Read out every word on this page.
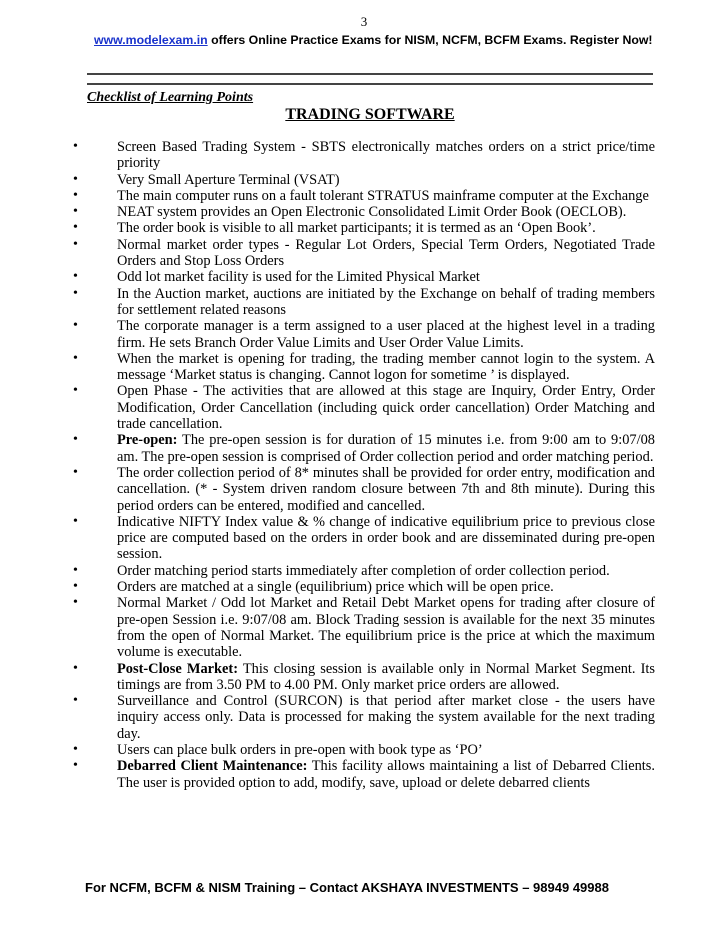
3
www.modelexam.in offers Online Practice Exams for NISM, NCFM, BCFM Exams. Register Now!
Checklist of Learning Points
TRADING SOFTWARE
•	Screen Based Trading System - SBTS electronically matches orders on a strict price/time priority
•	Very Small Aperture Terminal (VSAT)
•	The main computer runs on a fault tolerant STRATUS mainframe computer at the Exchange
•	NEAT system provides an Open Electronic Consolidated Limit Order Book (OECLOB).
•	The order book is visible to all market participants; it is termed as an ‘Open Book’.
•	Normal market order types - Regular Lot Orders, Special Term Orders, Negotiated Trade Orders and Stop Loss Orders
•	Odd lot market facility is used for the Limited Physical Market
•	In the Auction market, auctions are initiated by the Exchange on behalf of trading members for settlement related reasons
•	The corporate manager is a term assigned to a user placed at the highest level in a trading firm. He sets Branch Order Value Limits and User Order Value Limits.
•	When the market is opening for trading, the trading member cannot login to the system. A message ‘Market status is changing. Cannot logon for sometime ’ is displayed.
•	Open Phase - The activities that are allowed at this stage are Inquiry, Order Entry, Order Modification, Order Cancellation (including quick order cancellation) Order Matching and trade cancellation.
•	Pre-open: The pre-open session is for duration of 15 minutes i.e. from 9:00 am to 9:07/08 am. The pre-open session is comprised of Order collection period and order matching period.
•	The order collection period of 8* minutes shall be provided for order entry, modification and cancellation. (* - System driven random closure between 7th and 8th minute). During this period orders can be entered, modified and cancelled.
•	Indicative NIFTY Index value & % change of indicative equilibrium price to previous close price are computed based on the orders in order book and are disseminated during pre-open session.
•	Order matching period starts immediately after completion of order collection period.
•	Orders are matched at a single (equilibrium) price which will be open price.
•	Normal Market / Odd lot Market and Retail Debt Market opens for trading after closure of pre-open Session i.e. 9:07/08 am. Block Trading session is available for the next 35 minutes from the open of Normal Market. The equilibrium price is the price at which the maximum volume is executable.
•	Post-Close Market: This closing session is available only in Normal Market Segment. Its timings are from 3.50 PM to 4.00 PM. Only market price orders are allowed.
•	Surveillance and Control (SURCON) is that period after market close - the users have inquiry access only. Data is processed for making the system available for the next trading day.
•	Users can place bulk orders in pre-open with book type as ‘PO’
•	Debarred Client Maintenance: This facility allows maintaining a list of Debarred Clients. The user is provided option to add, modify, save, upload or delete debarred clients
For NCFM, BCFM & NISM Training – Contact AKSHAYA INVESTMENTS – 98949 49988
